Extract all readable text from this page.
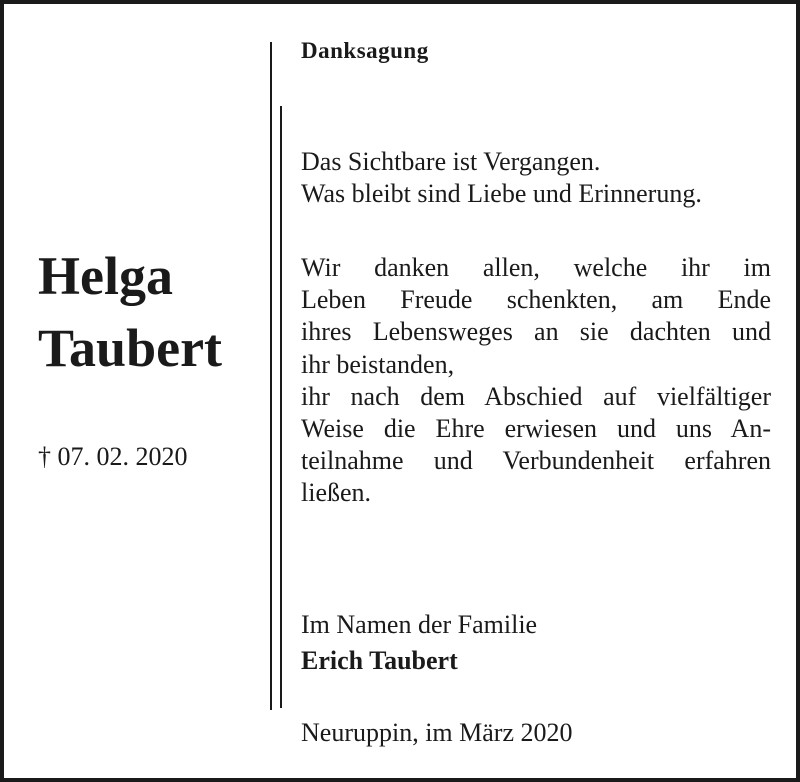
Helga
Taubert
† 07. 02. 2020
Danksagung
Das Sichtbare ist Vergangen.
Was bleibt sind Liebe und Erinnerung.
Wir danken allen, welche ihr im
Leben Freude schenkten, am Ende
ihres Lebensweges an sie dachten und
ihr beistanden,
ihr nach dem Abschied auf vielfältiger
Weise die Ehre erwiesen und uns An-
teilnahme und Verbundenheit erfahren
ließen.
Im Namen der Familie
Erich Taubert
Neuruppin, im März 2020
